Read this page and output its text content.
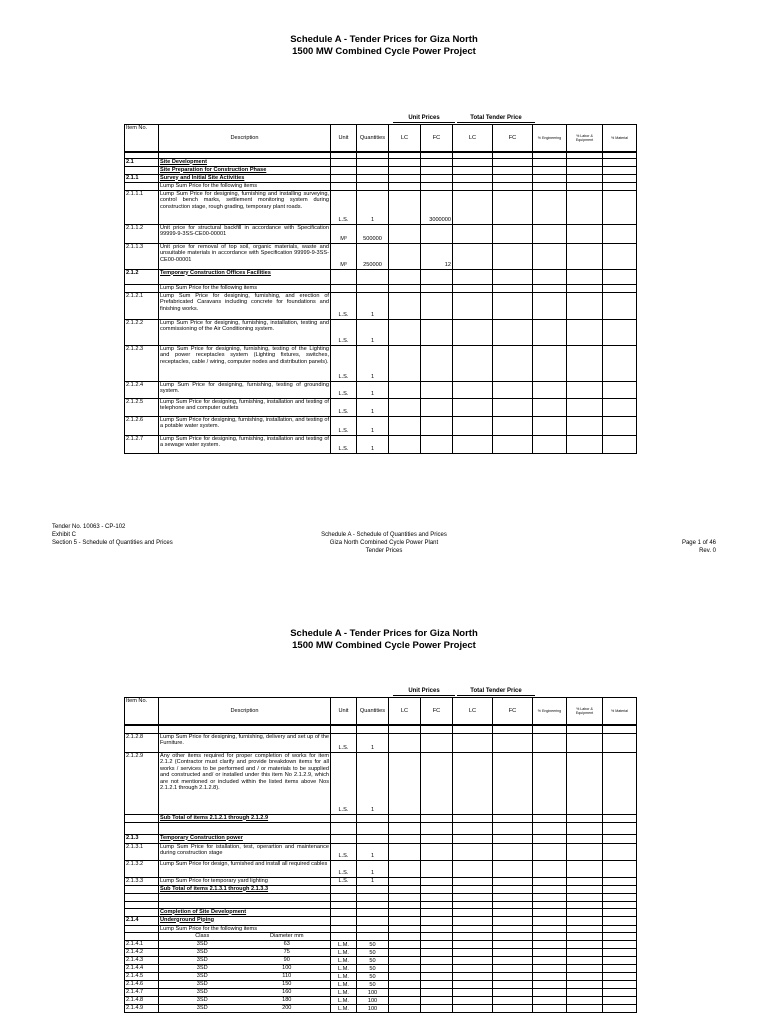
Schedule A - Tender Prices for Giza North
1500 MW Combined Cycle Power Project
Unit Prices	Total Tender Price
Item No.	Description	Unit	Quantities	LC	FC	LC	FC	% Engineering	% Labor & Equipment	% Material

2.1	Site Development									
	Site Preparation for Construction Phase									
2.1.1	Survey and Initial Site Activities									
	Lump Sum Price for the following items									
2.1.1.1	Lump Sum Price for designing, furnishing and installing surveying, control bench marks, settlement monitoring system during construction stage, rough grading, temporary plant roads.	L.S.	1		3000000					
2.1.1.2	Unit price for structural backfill in accordance with Specification 99999-9-3SS-CE00-00001	M³	500000							
2.1.1.3	Unit price for removal of top soil, organic materials, waste and unsuitable materials in accordance with Specification 99999-9-3SS-CE00-00001	M³	250000		12					
2.1.2	Temporary Construction Offices Facilities									
	Lump Sum Price for the following items									
2.1.2.1	Lump Sum Price for designing, furnishing, and erection of Prefabricated Caravans including concrete for foundations and finishing works.	L.S.	1							
2.1.2.2	Lump Sum Price for designing, furnishing, installation, testing and commissioning of the Air Conditioning system.	L.S.	1							
2.1.2.3	Lump Sum Price for designing, furnishing, testing of the Lighting and power receptacles system (Lighting fixtures, switches, receptacles, cable / wiring, computer nodes and distribution panels).	L.S.	1							
2.1.2.4	Lump Sum Price for designing, furnishing, testing of grounding system.	L.S.	1							
2.1.2.5	Lump Sum Price for designing, furnishing, installation and testing of telephone and computer outlets	L.S.	1							
2.1.2.6	Lump Sum Price for designing, furnishing, installation, and testing of a potable water system.	L.S.	1							
2.1.2.7	Lump Sum Price for designing, furnishing, installation and testing of a sewage water system.	L.S.	1							
Tender No. 10063 - CP-102
Exhibit C
Section 5 - Schedule of Quantities and Prices
Schedule A - Schedule of Quantities and Prices
Giza North Combined Cycle Power Plant
Tender Prices
Page 1 of 46
Rev. 0
Schedule A - Tender Prices for Giza North
1500 MW Combined Cycle Power Project
Unit Prices	Total Tender Price
Item No.	Description	Unit	Quantities	LC	FC	LC	FC	% Engineering	% Labor & Equipment	% Material

2.1.2.8	Lump Sum Price for designing, furnishing, delivery and set up of the Furniture.	L.S.	1							
2.1.2.9	Any other items required for proper completion of works for item 2.1.2 (Contractor must clarify and provide breakdown items for all works / services to be performed and / or materials to be supplied and constructed and/ or installed under this item No 2.1.2.9, which are not mentioned or included within the listed items above Nos 2.1.2.1 through 2.1.2.8).	L.S.	1							
	Sub Total of items 2.1.2.1 through 2.1.2.9									

2.1.3	Temporary Construction power									
2.1.3.1	Lump Sum Price for istallation, test, operartion and maintenance during construction stage	L.S.	1							
2.1.3.2	Lump Sum Price for design, furnished and install all required cables	L.S.	1							
2.1.3.3	Lump Sum Price for temporary yard lighting	L.S.	1							
	Sub Total of items 2.1.3.1 through 2.1.3.3									

	Completion of Site Development									
2.1.4	Underground Piping									
	Lump Sum Price for the following items									

	Class Diameter mm									

2.1.4.1	3SD 63	L.M.	50							
2.1.4.2	3SD 75	L.M.	50							
2.1.4.3	3SD 90	L.M.	50							
2.1.4.4	3SD 100	L.M.	50							
2.1.4.5	3SD 110	L.M.	50							
2.1.4.6	3SD 150	L.M.	50							
2.1.4.7	3SD 160	L.M.	100							
2.1.4.8	3SD 180	L.M.	100							
2.1.4.9	3SD 200	L.M.	100							
